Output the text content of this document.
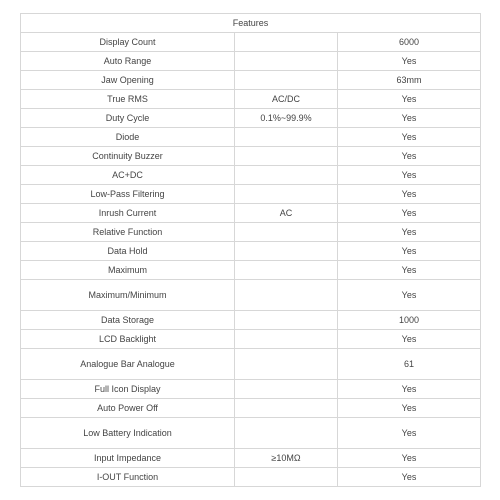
Features		
Display Count		6000
Auto Range		Yes
Jaw Opening		63mm
True RMS	AC/DC	Yes
Duty Cycle	0.1%~99.9%	Yes
Diode		Yes
Continuity Buzzer		Yes
AC+DC		Yes
Low-Pass Filtering		Yes
Inrush Current	AC	Yes
Relative Function		Yes
Data Hold		Yes
Maximum		Yes
Maximum/Minimum		Yes
Data Storage		1000
LCD Backlight		Yes
Analogue Bar Analogue		61
Full Icon Display		Yes
Auto Power Off		Yes
Low Battery Indication		Yes
Input Impedance	≥10MΩ	Yes
I-OUT Function		Yes
